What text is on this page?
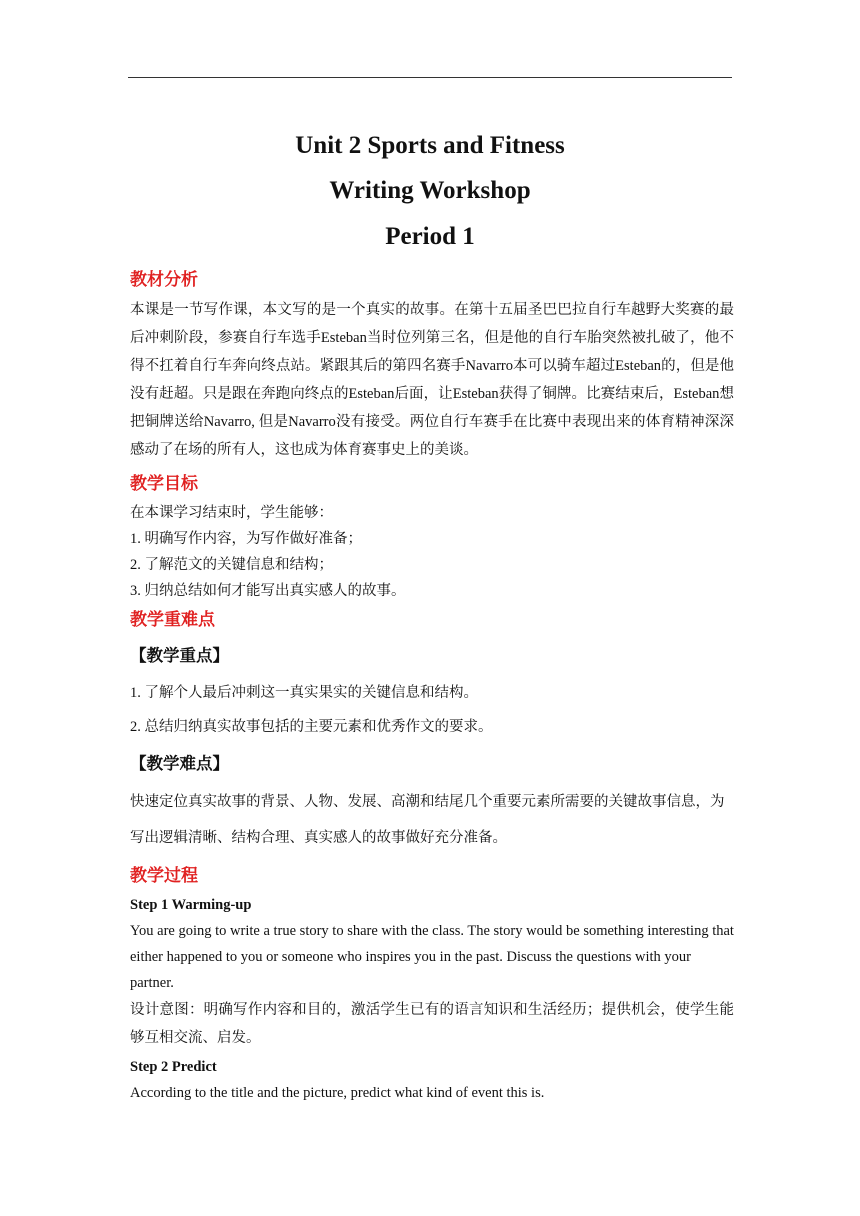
Unit 2 Sports and Fitness
Writing Workshop
Period 1
教材分析
本课是一节写作课，本文写的是一个真实的故事。在第十五届圣巴巴拉自行车越野大奖赛的最后冲刺阶段，参赛自行车选手Esteban当时位列第三名，但是他的自行车胎突然被扎破了，他不得不扛着自行车奔向终点站。紧跟其后的第四名赛手Navarro本可以骑车超过Esteban的，但是他没有赶超。只是跟在奔跑向终点的Esteban后面，让Esteban获得了铜牌。比赛结束后，Esteban想把铜牌送给Navarro, 但是Navarro没有接受。两位自行车赛手在比赛中表现出来的体育精神深深感动了在场的所有人，这也成为体育赛事史上的美谈。
教学目标
在本课学习结束时，学生能够：
1. 明确写作内容，为写作做好准备；
2. 了解范文的关键信息和结构；
3. 归纳总结如何才能写出真实感人的故事。
教学重难点
【教学重点】
1. 了解个人最后冲刺这一真实果实的关键信息和结构。
2. 总结归纳真实故事包括的主要元素和优秀作文的要求。
【教学难点】
快速定位真实故事的背景、人物、发展、高潮和结尾几个重要元素所需要的关键故事信息，为写出逻辑清晰、结构合理、真实感人的故事做好充分准备。
教学过程
Step 1 Warming-up
You are going to write a true story to share with the class. The story would be something interesting that either happened to you or someone who inspires you in the past. Discuss the questions with your partner.
设计意图：明确写作内容和目的，激活学生已有的语言知识和生活经历；提供机会，使学生能够互相交流、启发。
Step 2 Predict
According to the title and the picture, predict what kind of event this is.
